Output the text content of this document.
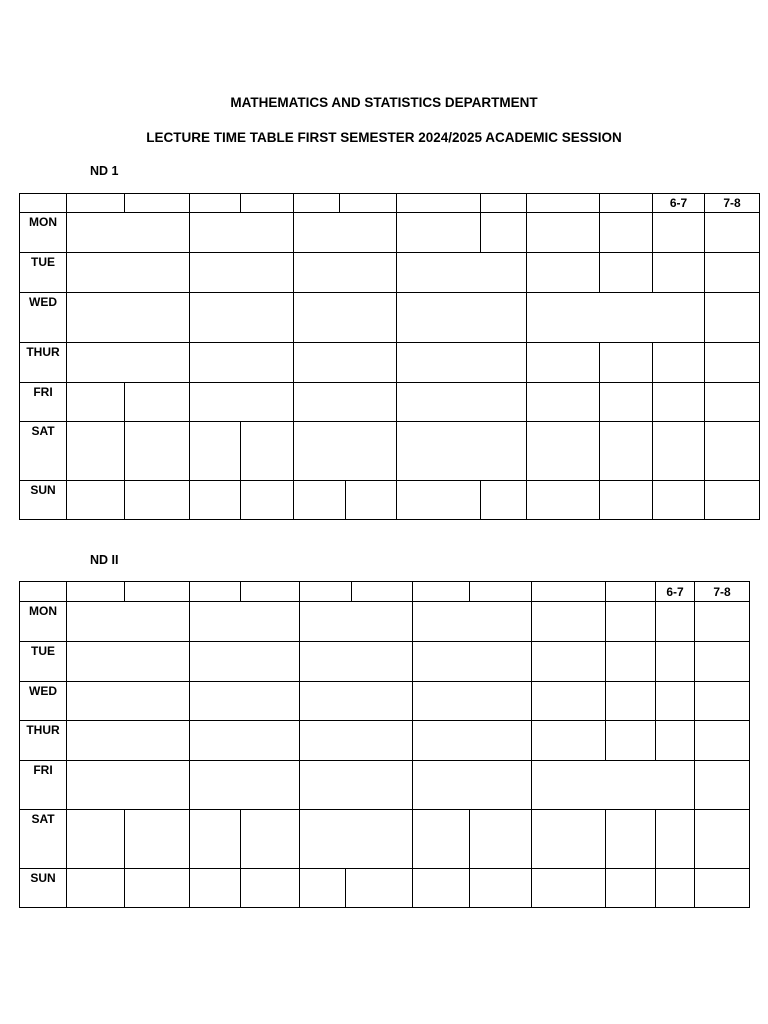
MATHEMATICS AND STATISTICS DEPARTMENT
LECTURE TIME TABLE FIRST SEMESTER 2024/2025 ACADEMIC SESSION
ND 1
												6-7	7-8
MON													
TUE													
WED													
THUR													
FRI													
SAT													
SUN													
ND II
												6-7	7-8
MON													
TUE													
WED													
THUR													
FRI													
SAT													
SUN													
